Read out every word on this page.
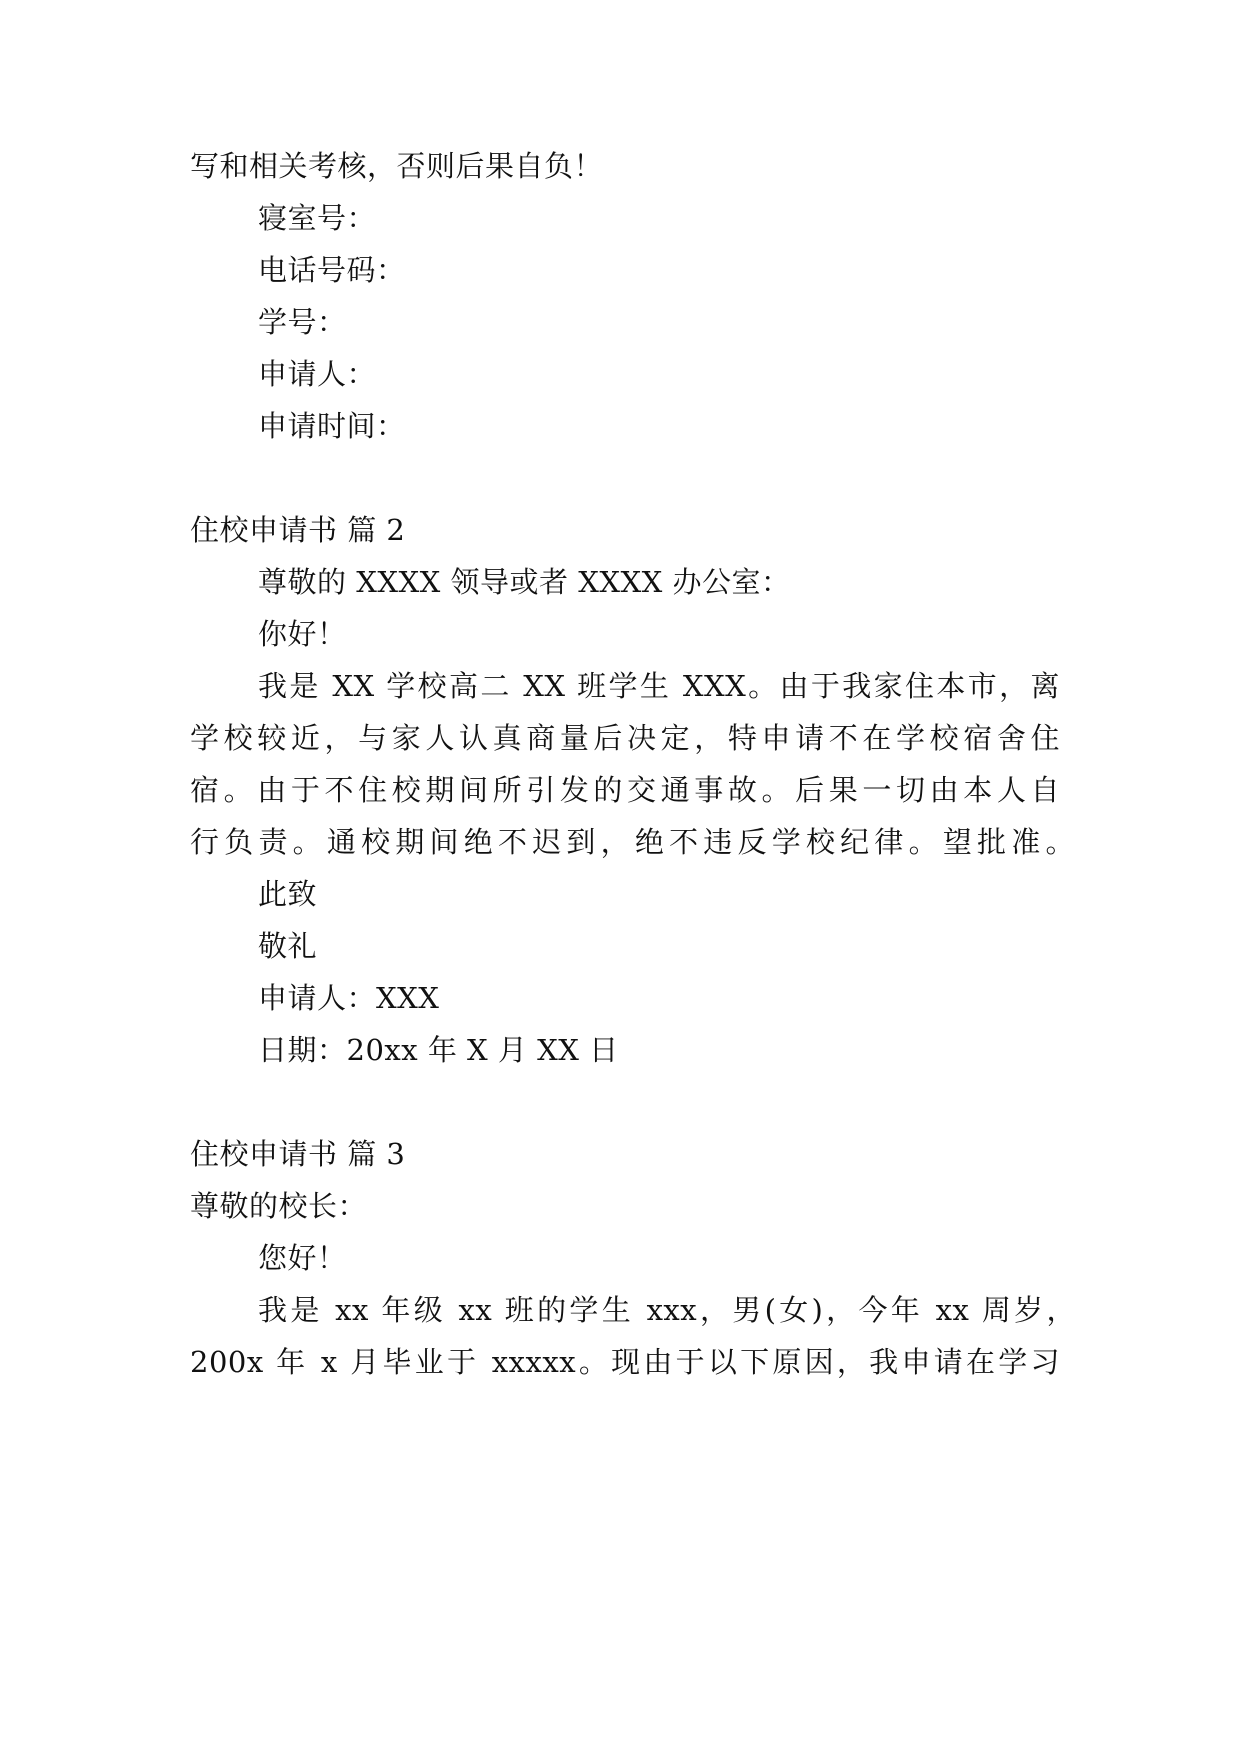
写和相关考核，否则后果自负！
寝室号：
电话号码：
学号：
申请人：
申请时间：
住校申请书 篇 2
尊敬的 XXXX 领导或者 XXXX 办公室：
你好！
我是 XX 学校高二 XX 班学生 XXX。由于我家住本市，离
学校较近，与家人认真商量后决定，特申请不在学校宿舍住
宿。由于不住校期间所引发的交通事故。后果一切由本人自
行负责。通校期间绝不迟到，绝不违反学校纪律。望批准。
此致
敬礼
申请人：XXX
日期：20xx 年 X 月 XX 日
住校申请书 篇 3
尊敬的校长：
您好！
我是 xx 年级 xx 班的学生 xxx，男(女)，今年 xx 周岁，
200x 年 x 月毕业于 xxxxx。现由于以下原因，我申请在学习
